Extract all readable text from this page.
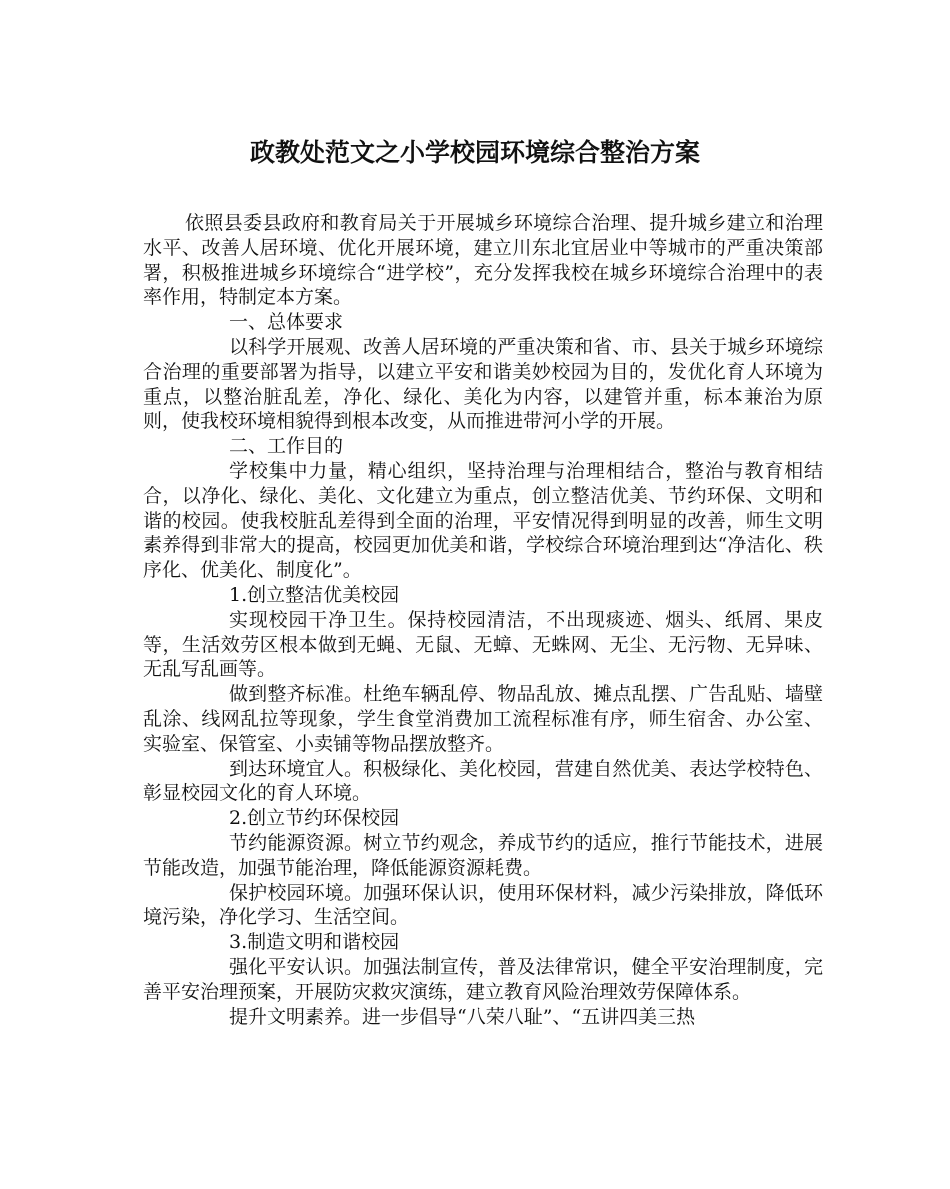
政教处范文之小学校园环境综合整治方案

依照县委县政府和教育局关于开展城乡环境综合治理、提升城乡建立和治理水平、改善人居环境、优化开展环境，建立川东北宜居业中等城市的严重决策部署，积极推进城乡环境综合“进学校”，充分发挥我校在城乡环境综合治理中的表率作用，特制定本方案。

一、总体要求

以科学开展观、改善人居环境的严重决策和省、市、县关于城乡环境综合治理的重要部署为指导，以建立平安和谐美妙校园为目的，发优化育人环境为重点，以整治脏乱差，净化、绿化、美化为内容，以建管并重，标本兼治为原则，使我校环境相貌得到根本改变，从而推进带河小学的开展。

二、工作目的

学校集中力量，精心组织，坚持治理与治理相结合，整治与教育相结合，以净化、绿化、美化、文化建立为重点，创立整洁优美、节约环保、文明和谐的校园。使我校脏乱差得到全面的治理，平安情况得到明显的改善，师生文明素养得到非常大的提高，校园更加优美和谐，学校综合环境治理到达“净洁化、秩序化、优美化、制度化”。

1.创立整洁优美校园

实现校园干净卫生。保持校园清洁，不出现痰迹、烟头、纸屑、果皮等，生活效劳区根本做到无蝇、无鼠、无蟑、无蛛网、无尘、无污物、无异味、无乱写乱画等。

做到整齐标准。杜绝车辆乱停、物品乱放、摊点乱摆、广告乱贴、墙壁乱涂、线网乱拉等现象，学生食堂消费加工流程标准有序，师生宿舍、办公室、实验室、保管室、小卖铺等物品摆放整齐。

到达环境宜人。积极绿化、美化校园，营建自然优美、表达学校特色、彰显校园文化的育人环境。

2.创立节约环保校园

节约能源资源。树立节约观念，养成节约的适应，推行节能技术，进展节能改造，加强节能治理，降低能源资源耗费。

保护校园环境。加强环保认识，使用环保材料，减少污染排放，降低环境污染，净化学习、生活空间。

3.制造文明和谐校园

强化平安认识。加强法制宣传，普及法律常识，健全平安治理制度，完善平安治理预案，开展防灾救灾演练，建立教育风险治理效劳保障体系。

提升文明素养。进一步倡导“八荣八耻”、“五讲四美三热
